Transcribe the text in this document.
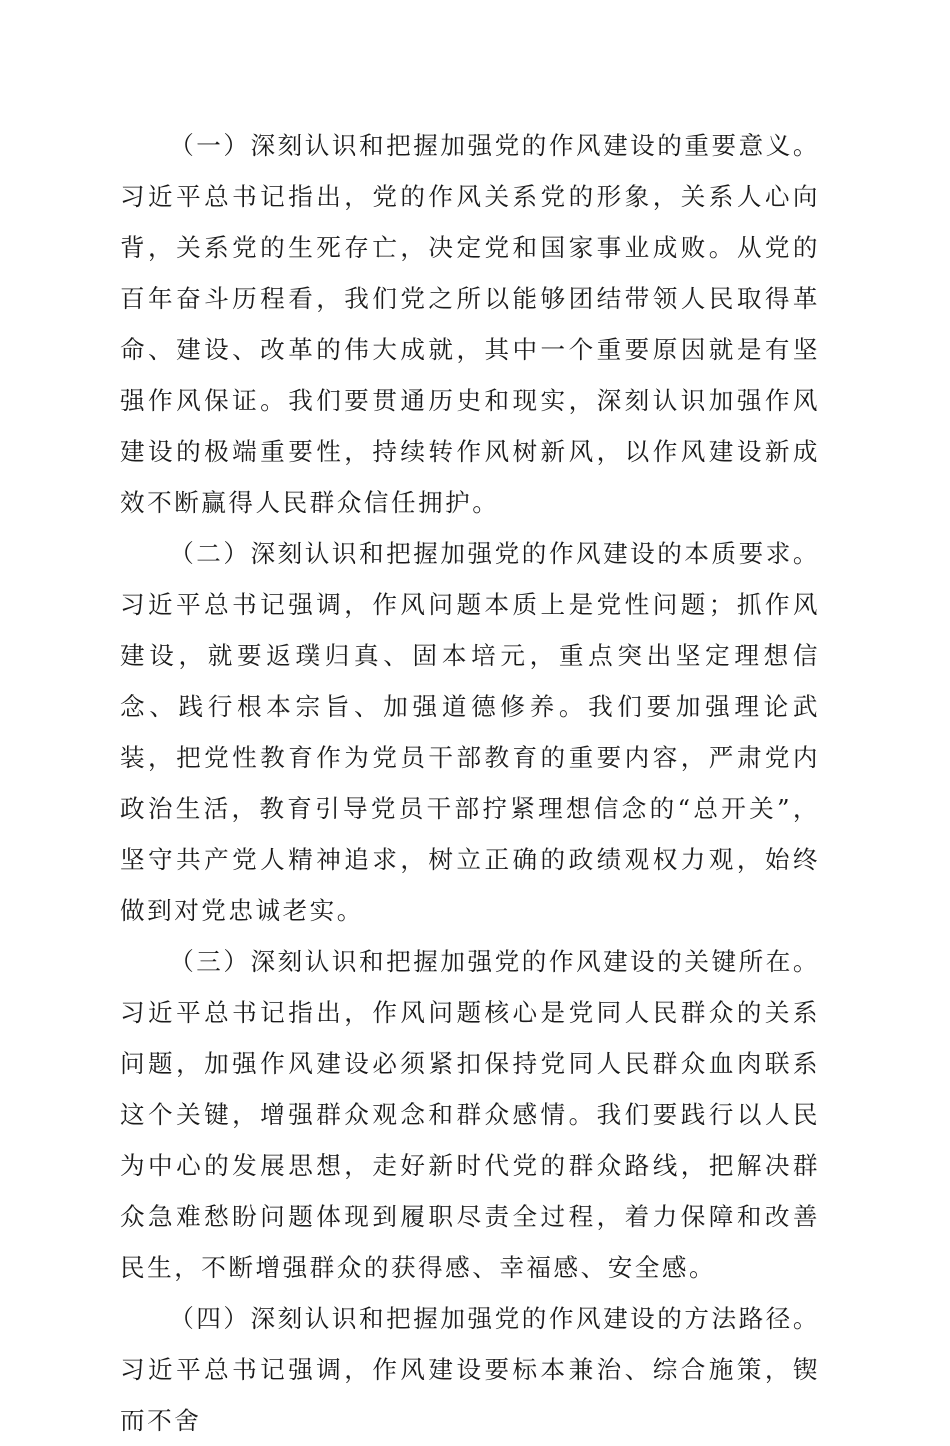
（一）深刻认识和把握加强党的作风建设的重要意义。习近平总书记指出，党的作风关系党的形象，关系人心向背，关系党的生死存亡，决定党和国家事业成败。从党的百年奋斗历程看，我们党之所以能够团结带领人民取得革命、建设、改革的伟大成就，其中一个重要原因就是有坚强作风保证。我们要贯通历史和现实，深刻认识加强作风建设的极端重要性，持续转作风树新风，以作风建设新成效不断赢得人民群众信任拥护。

（二）深刻认识和把握加强党的作风建设的本质要求。习近平总书记强调，作风问题本质上是党性问题；抓作风建设，就要返璞归真、固本培元，重点突出坚定理想信念、践行根本宗旨、加强道德修养。我们要加强理论武装，把党性教育作为党员干部教育的重要内容，严肃党内政治生活，教育引导党员干部拧紧理想信念的“总开关”，坚守共产党人精神追求，树立正确的政绩观权力观，始终做到对党忠诚老实。

（三）深刻认识和把握加强党的作风建设的关键所在。习近平总书记指出，作风问题核心是党同人民群众的关系问题，加强作风建设必须紧扣保持党同人民群众血肉联系这个关键，增强群众观念和群众感情。我们要践行以人民为中心的发展思想，走好新时代党的群众路线，把解决群众急难愁盼问题体现到履职尽责全过程，着力保障和改善民生，不断增强群众的获得感、幸福感、安全感。

（四）深刻认识和把握加强党的作风建设的方法路径。习近平总书记强调，作风建设要标本兼治、综合施策，锲而不舍
